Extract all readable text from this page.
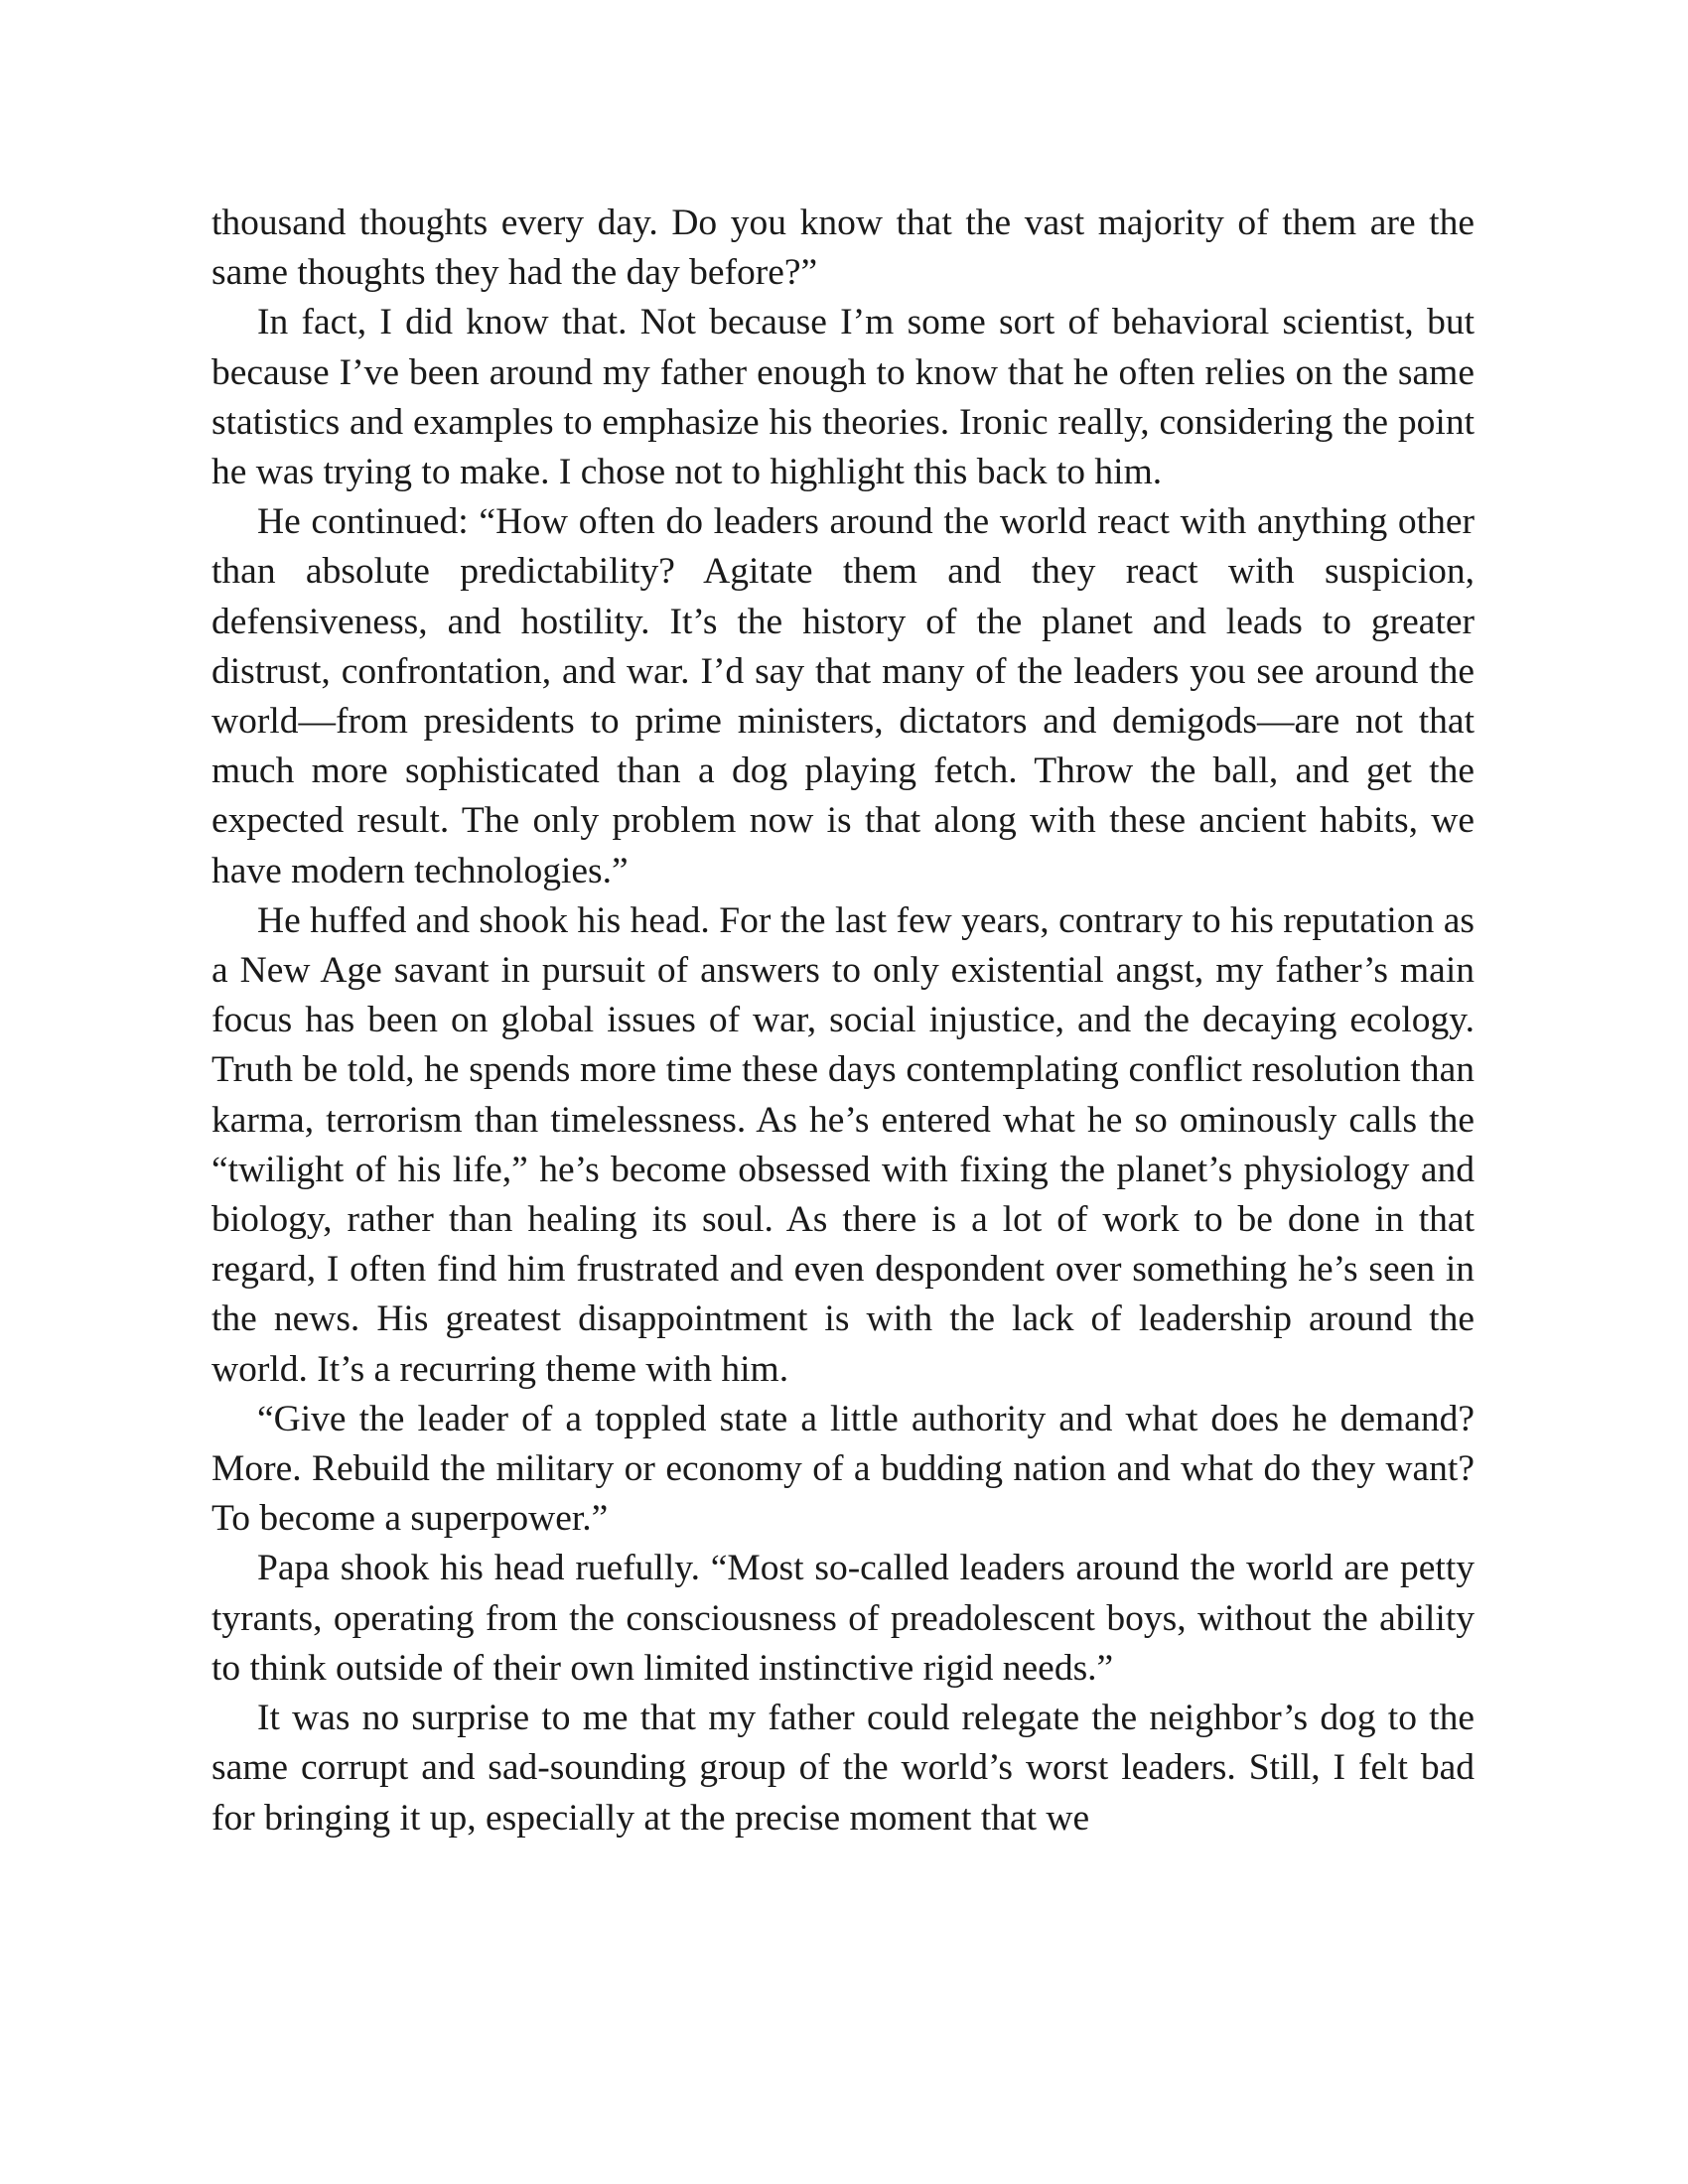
thousand thoughts every day. Do you know that the vast majority of them are the same thoughts they had the day before?”

In fact, I did know that. Not because I’m some sort of behavioral scientist, but because I’ve been around my father enough to know that he often relies on the same statistics and examples to emphasize his theories. Ironic really, considering the point he was trying to make. I chose not to highlight this back to him.

He continued: “How often do leaders around the world react with anything other than absolute predictability? Agitate them and they react with suspicion, defensiveness, and hostility. It’s the history of the planet and leads to greater distrust, confrontation, and war. I’d say that many of the leaders you see around the world—from presidents to prime ministers, dictators and demigods—are not that much more sophisticated than a dog playing fetch. Throw the ball, and get the expected result. The only problem now is that along with these ancient habits, we have modern technologies.”

He huffed and shook his head. For the last few years, contrary to his reputation as a New Age savant in pursuit of answers to only existential angst, my father’s main focus has been on global issues of war, social injustice, and the decaying ecology. Truth be told, he spends more time these days contemplating conflict resolution than karma, terrorism than timelessness. As he’s entered what he so ominously calls the “twilight of his life,” he’s become obsessed with fixing the planet’s physiology and biology, rather than healing its soul. As there is a lot of work to be done in that regard, I often find him frustrated and even despondent over something he’s seen in the news. His greatest disappointment is with the lack of leadership around the world. It’s a recurring theme with him.

“Give the leader of a toppled state a little authority and what does he demand? More. Rebuild the military or economy of a budding nation and what do they want? To become a superpower.”

Papa shook his head ruefully. “Most so-called leaders around the world are petty tyrants, operating from the consciousness of preadolescent boys, without the ability to think outside of their own limited instinctive rigid needs.”

It was no surprise to me that my father could relegate the neighbor’s dog to the same corrupt and sad-sounding group of the world’s worst leaders. Still, I felt bad for bringing it up, especially at the precise moment that we
